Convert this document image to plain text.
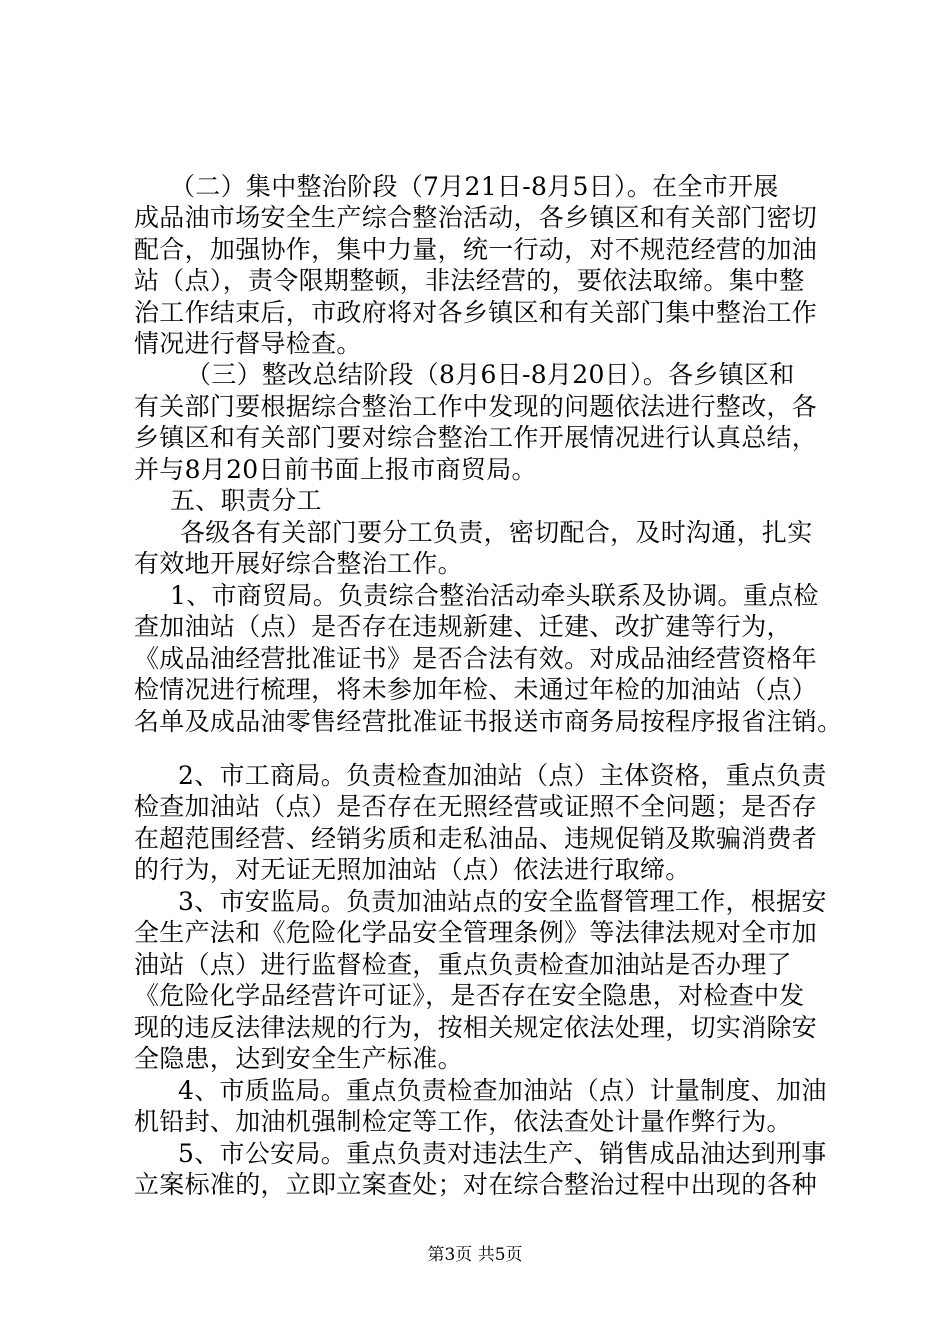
（二）集中整治阶段（7月21日-8月5日）。在全市开展
成品油市场安全生产综合整治活动，各乡镇区和有关部门密切
配合，加强协作，集中力量，统一行动，对不规范经营的加油
站（点），责令限期整顿，非法经营的，要依法取缔。集中整
治工作结束后，市政府将对各乡镇区和有关部门集中整治工作
情况进行督导检查。
（三）整改总结阶段（8月6日-8月20日）。各乡镇区和
有关部门要根据综合整治工作中发现的问题依法进行整改，各
乡镇区和有关部门要对综合整治工作开展情况进行认真总结，
并与8月20日前书面上报市商贸局。
五、职责分工
各级各有关部门要分工负责，密切配合，及时沟通，扎实
有效地开展好综合整治工作。
1、市商贸局。负责综合整治活动牵头联系及协调。重点检
查加油站（点）是否存在违规新建、迁建、改扩建等行为，
《成品油经营批准证书》是否合法有效。对成品油经营资格年
检情况进行梳理，将未参加年检、未通过年检的加油站（点）
名单及成品油零售经营批准证书报送市商务局按程序报省注销。
2、市工商局。负责检查加油站（点）主体资格，重点负责
检查加油站（点）是否存在无照经营或证照不全问题；是否存
在超范围经营、经销劣质和走私油品、违规促销及欺骗消费者
的行为，对无证无照加油站（点）依法进行取缔。
3、市安监局。负责加油站点的安全监督管理工作，根据安
全生产法和《危险化学品安全管理条例》等法律法规对全市加
油站（点）进行监督检查，重点负责检查加油站是否办理了
《危险化学品经营许可证》，是否存在安全隐患，对检查中发
现的违反法律法规的行为，按相关规定依法处理，切实消除安
全隐患，达到安全生产标准。
4、市质监局。重点负责检查加油站（点）计量制度、加油
机铅封、加油机强制检定等工作，依法查处计量作弊行为。
5、市公安局。重点负责对违法生产、销售成品油达到刑事
立案标准的，立即立案查处；对在综合整治过程中出现的各种
第3页 共5页
